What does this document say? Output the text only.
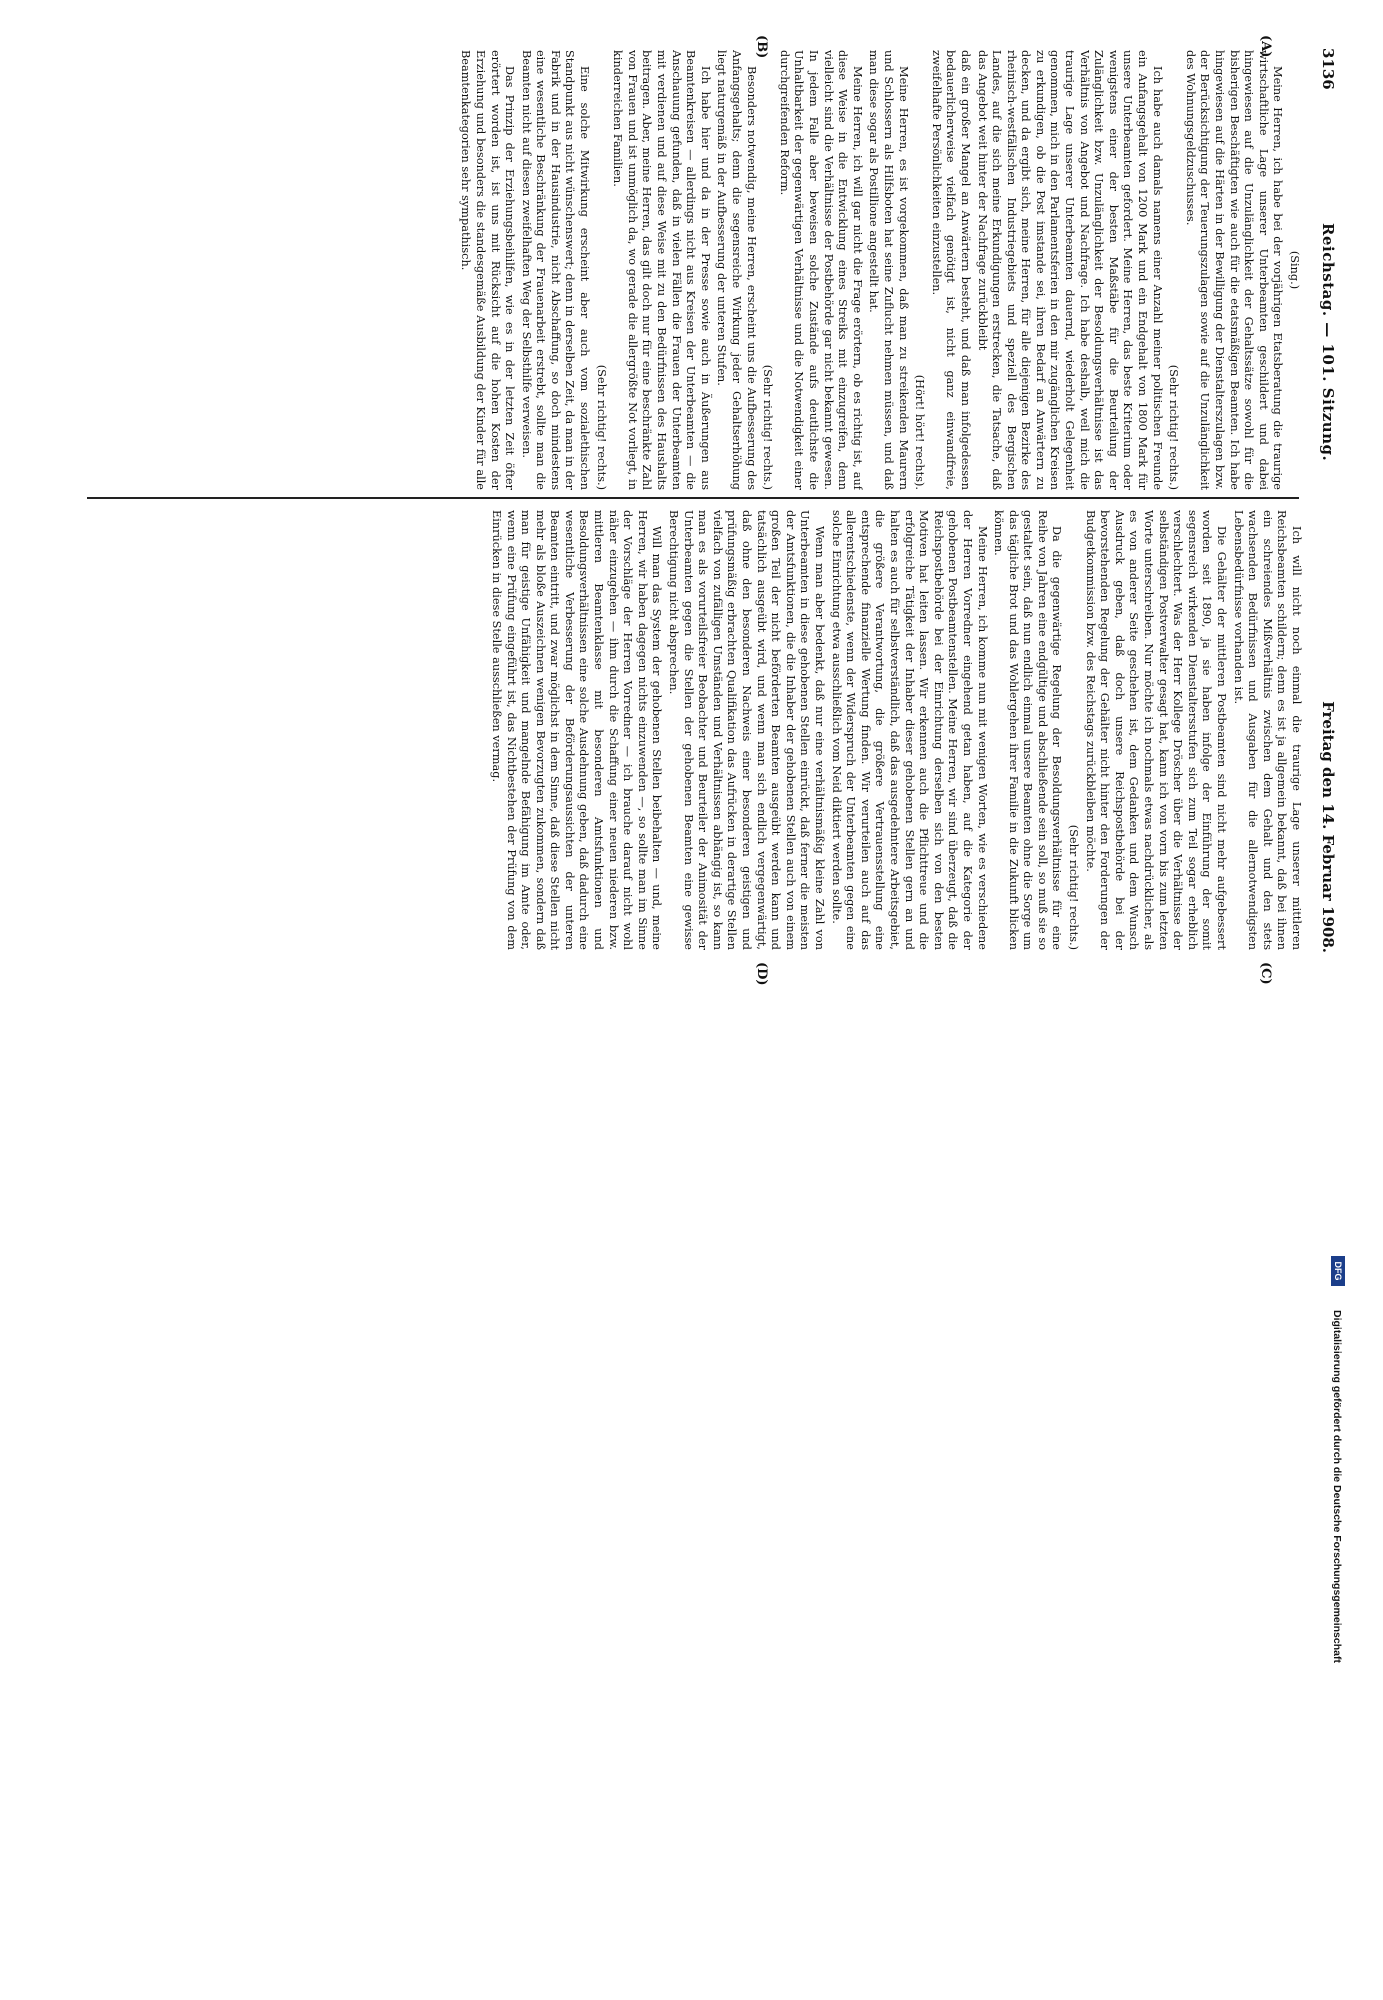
3136
Reichstag. — 101. Sitzung.
Freitag den 14. Februar 1908.
(A)
(B)
(C)
(D)

(Sing.)

Meine Herren, ich habe bei der vorjährigen Etatsberatung die traurige wirtschaftliche Lage unserer Unterbeamten geschildert und dabei hingewiesen auf die Unzulänglichkeit der Gehaltssätze sowohl für die bisherigen Beschäftigten wie auch für die etatsmäßigen Beamten. Ich habe hingewiesen auf die Härten in der Bewilligung der Dienstalterszulagen bzw. der Berücksichtigung der Teuerungszulagen sowie auf die Unzulänglichkeit des Wohnungsgeldzuschusses.

(Sehr richtig! rechts.)

Ich habe auch damals namens einer Anzahl meiner politischen Freunde ein Anfangsgehalt von 1200 Mark und ein Endgehalt von 1800 Mark für unsere Unterbeamten gefordert. Meine Herren, das beste Kriterium oder wenigstens einer der besten Maßstäbe für die Beurteilung der Zulänglichkeit bzw. Unzulänglichkeit der Besoldungsverhältnisse ist das Verhältnis von Angebot und Nachfrage. Ich habe deshalb, weil mich die traurige Lage unserer Unterbeamten dauernd, wiederholt Gelegenheit genommen, mich in den Parlamentsferien in den mir zugänglichen Kreisen zu erkundigen, ob die Post imstande sei, ihren Bedarf an Anwärtern zu decken, und da ergibt sich, meine Herren, für alle diejenigen Bezirke des rheinisch-westfälischen Industriegebiets und speziell des Bergischen Landes, auf die sich meine Erkundigungen erstrecken, die Tatsache, daß das Angebot weit hinter der Nachfrage zurückbleibt

daß ein großer Mangel an Anwärtern besteht, und daß man infolgedessen bedauerlicherweise vielfach genötigt ist, nicht ganz einwandfreie, zweifelhafte Persönlichkeiten einzustellen.

(Hört! hört! rechts).

Meine Herren, es ist vorgekommen, daß man zu streikenden Maurern und Schlossern als Hilfsboten hat seine Zuflucht nehmen müssen, und daß man diese sogar als Postillione angestellt hat.

Meine Herren, ich will gar nicht die Frage erörtern, ob es richtig ist, auf diese Weise in die Entwicklung eines Streiks mit einzugreifen, denn vielleicht sind die Verhältnisse der Postbehörde gar nicht bekannt gewesen. In jedem Falle aber beweisen solche Zustände aufs deutlichste die Unhaltbarkeit der gegenwärtigen Verhältnisse und die Notwendigkeit einer durchgreifenden Reform.

(Sehr richtig! rechts.)

Besonders notwendig, meine Herren, erscheint uns die Aufbesserung des Anfangsgehalts; denn die segensreiche Wirkung jeder Gehaltserhöhung liegt naturgemäß in der Aufbesserung der unteren Stufen.

Ich habe hier und da in der Presse sowie auch in Äußerungen aus Beamtenkreisen — allerdings nicht aus Kreisen der Unterbeamten — die Anschauung gefunden, daß in vielen Fällen die Frauen der Unterbeamten mit verdienen und auf diese Weise mit zu den Bedürfnissen des Haushalts beitragen. Aber, meine Herren, das gilt doch nur für eine beschränkte Zahl von Frauen und ist unmöglich da, wo gerade die allergrößte Not vorliegt, in kinderreichen Familien.

(Sehr richtig! rechts.)

Eine solche Mitwirkung erscheint aber auch vom sozialethischen Standpunkt aus nicht wünschenswert; denn in derselben Zeit, da man in der Fabrik und in der Hausindustrie, nicht Abschaffung, so doch mindestens eine wesentliche Beschränkung der Frauenarbeit erstrebt, sollte man die Beamten nicht auf diesen zweifelhaften Weg der Selbsthilfe verweisen.

Das Prinzip der Erziehungsbeihilfen, wie es in der letzten Zeit öfter erörtert worden ist, ist uns mit Rücksicht auf die hohen Kosten der Erziehung und besonders die standesgemäße Ausbildung der Kinder für alle Beamtenkategorien sehr sympathisch.

Ich will nicht noch einmal die traurige Lage unserer mittleren Reichsbeamten schildern; denn es ist ja allgemein bekannt, daß bei ihnen ein schreiendes Mißverhältnis zwischen dem Gehalt und den stets wachsenden Bedürfnissen und Ausgaben für die allernotwendigsten Lebensbedürfnisse vorhanden ist.

Die Gehälter der mittleren Postbeamten sind nicht mehr aufgebessert worden seit 1890, ja sie haben infolge der Einführung der somit segensreich wirkenden Dienstaltersstufen sich zum Teil sogar erheblich verschlechtert. Was der Herr Kollege Dröscher über die Verhältnisse der selbständigen Postverwalter gesagt hat, kann ich von vorn bis zum letzten Worte unterschreiben. Nur möchte ich nochmals etwas nachdrücklicher, als es von anderer Seite geschehen ist, dem Gedanken und dem Wunsch Ausdruck geben, daß doch unsere Reichspostbehörde bei der bevorstehenden Regelung der Gehälter nicht hinter den Forderungen der Budgetkommission bzw. des Reichstags zurückbleiben möchte.

(Sehr richtig! rechts.)

Da die gegenwärtige Regelung der Besoldungsverhältnisse für eine Reihe von Jahren eine endgültige und abschließende sein soll, so muß sie so gestaltet sein, daß nun endlich einmal unsere Beamten ohne die Sorge um das tägliche Brot und das Wohlergehen ihrer Familie in die Zukunft blicken können.

Meine Herren, ich komme nun mit wenigen Worten, wie es verschiedene der Herren Vorredner eingehend getan haben, auf die Kategorie der gehobenen Postbeamtenstellen. Meine Herren, wir sind überzeugt, daß die Reichspostbehörde bei der Einrichtung derselben sich von den besten Motiven hat leiten lassen. Wir erkennen auch die Pflichttreue und die erfolgreiche Tätigkeit der Inhaber dieser gehobenen Stellen gern an und halten es auch für selbstverständlich, daß das ausgedehntere Arbeitsgebiet, die größere Verantwortung, die größere Vertrauensstellung eine entsprechende finanzielle Wertung finden. Wir verurteilen auch auf das allerentschiedenste, wenn der Widerspruch der Unterbeamten gegen eine solche Einrichtung etwa ausschließlich vom Neid diktiert werden sollte.

Wenn man aber bedenkt, daß nur eine verhältnismäßig kleine Zahl von Unterbeamten in diese gehobenen Stellen einrückt, daß ferner die meisten der Amtsfunktionen, die die Inhaber der gehobenen Stellen auch von einem großen Teil der nicht beförderten Beamten ausgeübt werden kann und tatsächlich ausgeübt wird, und wenn man sich endlich vergegenwärtigt, daß ohne den besonderen Nachweis einer besonderen geistigen und prüfungsmäßig erbrachten Qualifikation das Aufrücken in derartige Stellen vielfach von zufälligen Umständen und Verhältnissen abhängig ist, so kann man es als vorurteilsfreier Beobachter und Beurteiler der Animosität der Unterbeamten gegen die Stellen der gehobenen Beamten eine gewisse Berechtigung nicht absprechen.

Will man das System der gehobenen Stellen beibehalten — und, meine Herren, wir haben dagegen nichts einzuwenden —, so sollte man im Sinne der Vorschläge der Herren Vorredner — ich brauche darauf nicht wohl näher einzugehen — ihm durch die Schaffung einer neuen niederen bzw. mittleren Beamtenklasse mit besonderen Amtsfunktionen und Besoldungsverhältnissen eine solche Ausdehnung geben, daß dadurch eine wesentliche Verbesserung der Beförderungsaussichten der unteren Beamten eintritt, und zwar möglichst in dem Sinne, daß diese Stellen nicht mehr als bloße Auszeichnen wenigen Bevorzugten zukommen, sondern daß man für geistige Unfähigkeit und mangelnde Befähigung im Amte oder, wenn eine Prüfung eingeführt ist, das Nichtbestehen der Prüfung von dem Einrücken in diese Stelle ausschließen vermag.

DFG
Digitalisierung gefördert durch die Deutsche Forschungsgemeinschaft
